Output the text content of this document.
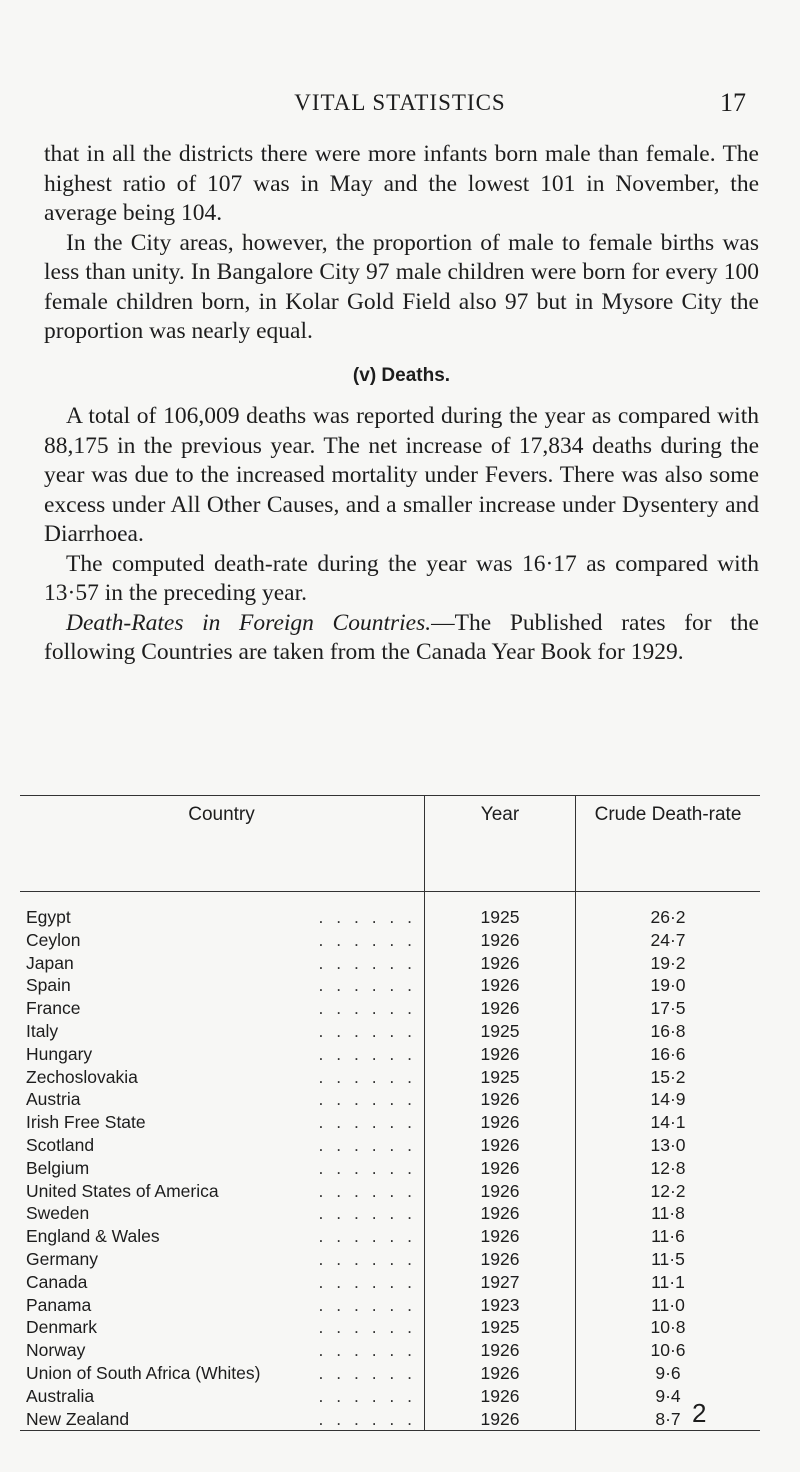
VITAL STATISTICS	17

that in all the districts there were more infants born male than female. The highest ratio of 107 was in May and the lowest 101 in November, the average being 104.

In the City areas, however, the proportion of male to female births was less than unity. In Bangalore City 97 male children were born for every 100 female children born, in Kolar Gold Field also 97 but in Mysore City the proportion was nearly equal.

(v) Deaths.

A total of 106,009 deaths was reported during the year as compared with 88,175 in the previous year. The net increase of 17,834 deaths during the year was due to the increased mortality under Fevers. There was also some excess under All Other Causes, and a smaller increase under Dysentery and Diarrhoea.

The computed death-rate during the year was 16·17 as compared with 13·57 in the preceding year.

Death-Rates in Foreign Countries.—The Published rates for the following Countries are taken from the Canada Year Book for 1929.

Country	Year	Crude Death-rate

Egypt	. . . . . .	1925	26·2

Ceylon	. . . . . .	1926	24·7

Japan	. . . . . .	1926	19·2

Spain	. . . . . .	1926	19·0

France	. . . . . .	1926	17·5

Italy	. . . . . .	1925	16·8

Hungary	. . . . . .	1926	16·6

Zechoslovakia	. . . . . .	1925	15·2

Austria	. . . . . .	1926	14·9

Irish Free State	. . . . . .	1926	14·1

Scotland	. . . . . .	1926	13·0

Belgium	. . . . . .	1926	12·8

United States of America	. . . . . .	1926	12·2

Sweden	. . . . . .	1926	11·8

England & Wales	. . . . . .	1926	11·6

Germany	. . . . . .	1926	11·5

Canada	. . . . . .	1927	11·1

Panama	. . . . . .	1923	11·0

Denmark	. . . . . .	1925	10·8

Norway	. . . . . .	1926	10·6

Union of South Africa (Whites)	. . . . . .	1926	9·6

Australia	. . . . . .	1926	9·4

New Zealand	. . . . . .	1926	8·7 2
